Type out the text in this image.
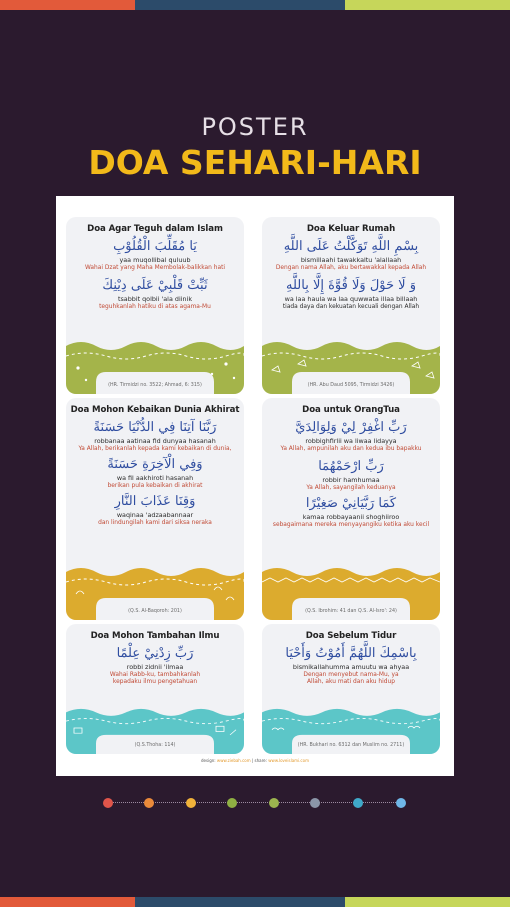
POSTER
DOA SEHARI-HARI
Doa Agar Teguh dalam Islam
يَا مُقَلِّبَ الْقُلُوْبِ
yaa muqollibal quluub
Wahai Dzat yang Maha Membolak-balikkan hati
ثَبِّتْ قَلْبِيْ عَلَى دِيْنِكَ
tsabbit qolbii 'ala diinik
teguhkanlah hatiku di atas agama-Mu
(HR. Tirmidzi no. 3522; Ahmad, 6: 315)
Doa Keluar Rumah
بِسْمِ اللَّهِ تَوَكَّلْتُ عَلَى اللَّهِ
bismillaahi tawakkaltu 'alallaah
Dengan nama Allah, aku bertawakkal kepada Allah
وَ لَا حَوْلَ وَلَا قُوَّةَ إِلَّا بِاللَّهِ
wa laa haula wa laa quwwata illaa billaah
tiada daya dan kekuatan kecuali dengan Allah
(HR. Abu Daud 5095, Tirmidzi 3426)
Doa Mohon Kebaikan Dunia Akhirat
رَبَّنَا آتِنَا فِي الدُّنْيَا حَسَنَةً
robbanaa aatinaa fid dunyaa hasanah
Ya Allah, berikanlah kepada kami kebaikan di dunia,
وَفِي الْآخِرَةِ حَسَنَةً
wa fil aakhiroti hasanah
berikan pula kebaikan di akhirat
وَقِنَا عَذَابَ النَّارِ
waqinaa 'adzaabannaar
dan lindungilah kami dari siksa neraka
(Q.S. Al-Baqoroh: 201)
Doa untuk OrangTua
رَبِّ اغْفِرْ لِيْ وَلِوَالِدَيَّ
robbighfirlii wa liwaa lidayya
Ya Allah, ampunilah aku dan kedua ibu bapakku
رَبِّ ارْحَمْهُمَا
robbir hamhumaa
Ya Allah, sayangilah keduanya
كَمَا رَبَّيَانِيْ صَغِيْرًا
kamaa robbayaanii shoghiiroo
sebagaimana mereka menyayangiku ketika aku kecil
(Q.S. Ibrohim: 41 dan Q.S. Al-Isro': 24)
Doa Mohon Tambahan Ilmu
رَبِّ زِدْنِيْ عِلْمًا
robbi zidnii 'ilmaa
Wahai Rabb-ku, tambahkanlah kepadaku ilmu pengetahuan
(Q.S.Thoha: 114)
Doa Sebelum Tidur
بِاسْمِكَ اللَّهُمَّ أَمُوْتُ وَأَحْيَا
bismikallahumma amuutu wa ahyaa
Dengan menyebut nama-Mu, ya Allah, aku mati dan aku hidup
(HR. Bukhari no. 6312 dan Muslim no. 2711)
design: www.ziebah.com | share: www.loveislami.com
